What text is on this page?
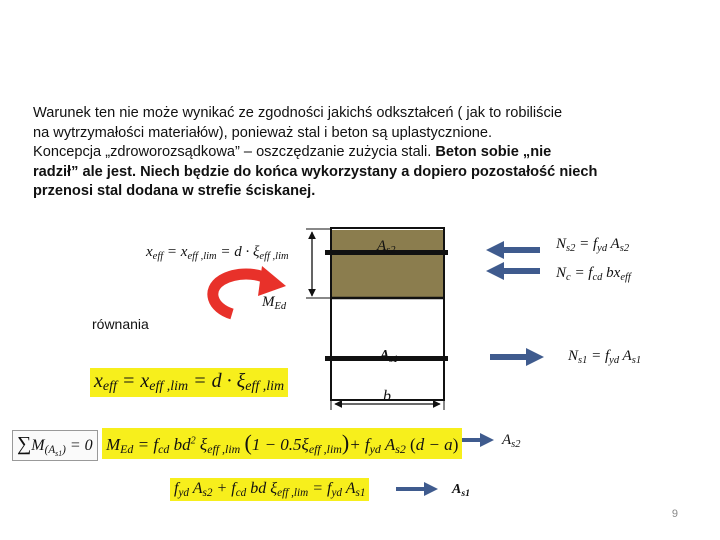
Warunek ten nie może wynikać ze zgodności jakichś odkształceń ( jak to robiliście
na wytrzymałości materiałów), ponieważ stal i beton są uplastycznione.
Koncepcja „zdroworozsądkowa” – oszczędzanie zużycia stali. Beton sobie „nie
radził” ale jest. Niech będzie do końca wykorzystany a dopiero pozostałość niech
przenosi stal dodana w strefie ściskanej.
$x_{eff} = x_{eff ,lim} = d \cdot \xi_{eff ,lim}$
$A_{s2}$
$M_{Ed}$
$A_{s1}$
b
$N_{s2} = f_{yd}$ $A_{s2}$
$N_c = f_{cd}$ $bx_{eff}$
$N_{s1} = f_{yd}$ $A_{s1}$
równania
$x_{eff} = x_{eff ,lim} = d \cdot \xi_{eff ,lim}$
$\sum M_{(A_{s1})} = 0$ $M_{Ed} = f_{cd}$ $bd^2$ $\xi_{eff ,lim}$ $(1 - 0.5\xi_{eff ,lim})+ f_{yd}$ $A_{s2}$ (d − a)	$A_{s2}$
$f_{yd}$ $A_{s2} + f_{cd}$ bd $\xi_{eff ,lim} = f_{yd}$ $A_{s1}$	$A_{s1}$
9
